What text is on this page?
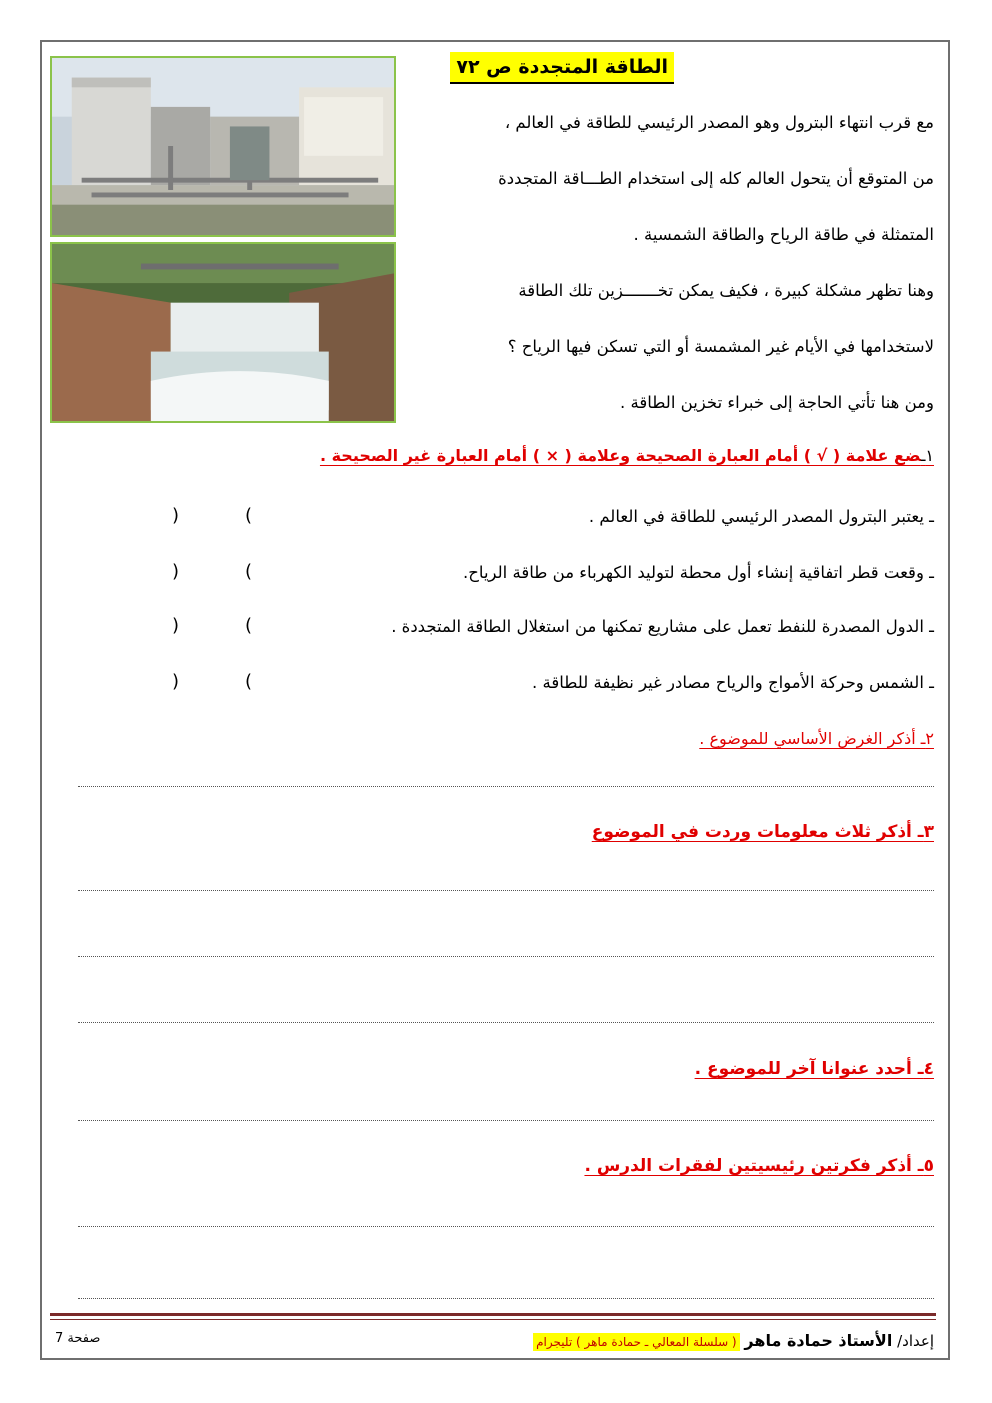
الطاقة المتجددة ص ٧٢
مع قرب انتهاء البترول وهو المصدر الرئيسي للطاقة في العالم ،
من المتوقع أن يتحول العالم كله إلى استخدام الطـــاقة المتجددة
المتمثلة في طاقة الرياح والطاقة الشمسية .
وهنا تظهر مشكلة كبيرة ، فكيف يمكن تخـــــــزين تلك الطاقة
لاستخدامها في الأيام غير المشمسة أو التي تسكن فيها الرياح ؟
ومن هنا تأتي الحاجة إلى خبراء تخزين الطاقة .
١ـضع علامة ( √ ) أمام العبارة الصحيحة وعلامة ( × ) أمام العبارة غير الصحيحة .
ـ يعتبر البترول المصدر الرئيسي للطاقة في العالم .
)	(
ـ وقعت قطر اتفاقية إنشاء أول محطة لتوليد الكهرباء من طاقة الرياح.
)	(
ـ الدول المصدرة للنفط تعمل على مشاريع تمكنها من استغلال الطاقة المتجددة .
)	(
ـ الشمس وحركة الأمواج والرياح مصادر غير نظيفة للطاقة .
)	(
٢ـ أذكر الغرض الأساسي للموضوع .
٣ـ أذكر ثلاث معلومات وردت في الموضوع
٤ـ أحدد عنوانا آخر للموضوع .
٥ـ أذكر فكرتين رئيسيتين لفقرات الدرس .
إعداد/ الأستاذ حمادة ماهر ( سلسلة المعالي ـ حمادة ماهر ) تليجرام
صفحة 7
